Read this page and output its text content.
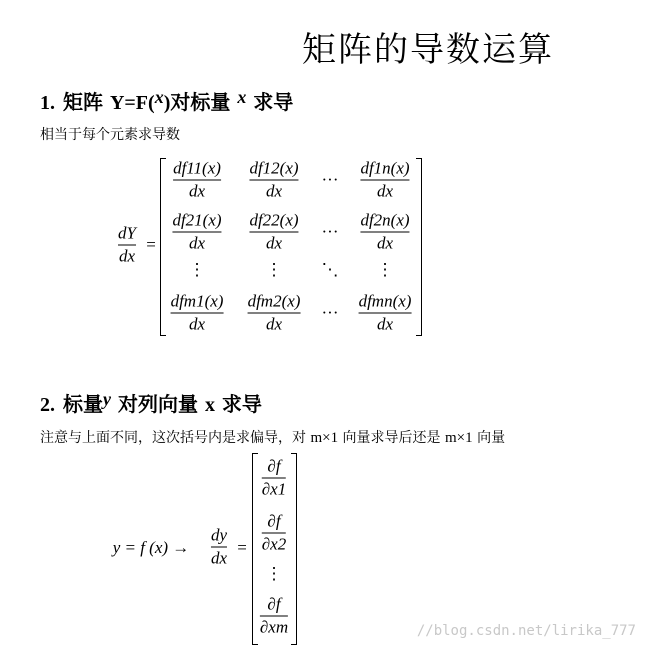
矩阵的导数运算
1. 矩阵 Y=F(x)对标量 x 求导
相当于每个元素求导数
dY
dx
=
df11(x)
dx
df12(x)
dx
···
df1n(x)
dx
df21(x)
dx
df22(x)
dx
···
df2n(x)
dx
⋮	⋮ ⋱ ⋮
dfm1(x)
dx
dfm2(x)
dx
···
dfmn(x)
dx
2. 标量y 对列向量 x 求导
注意与上面不同，这次括号内是求偏导，对 m×1 向量求导后还是 m×1 向量
y = f (x) →
dy
dx
=
∂f
∂x1
∂f
∂x2
⋮
∂f
∂xm	//blog.csdn.net/lirika_777
